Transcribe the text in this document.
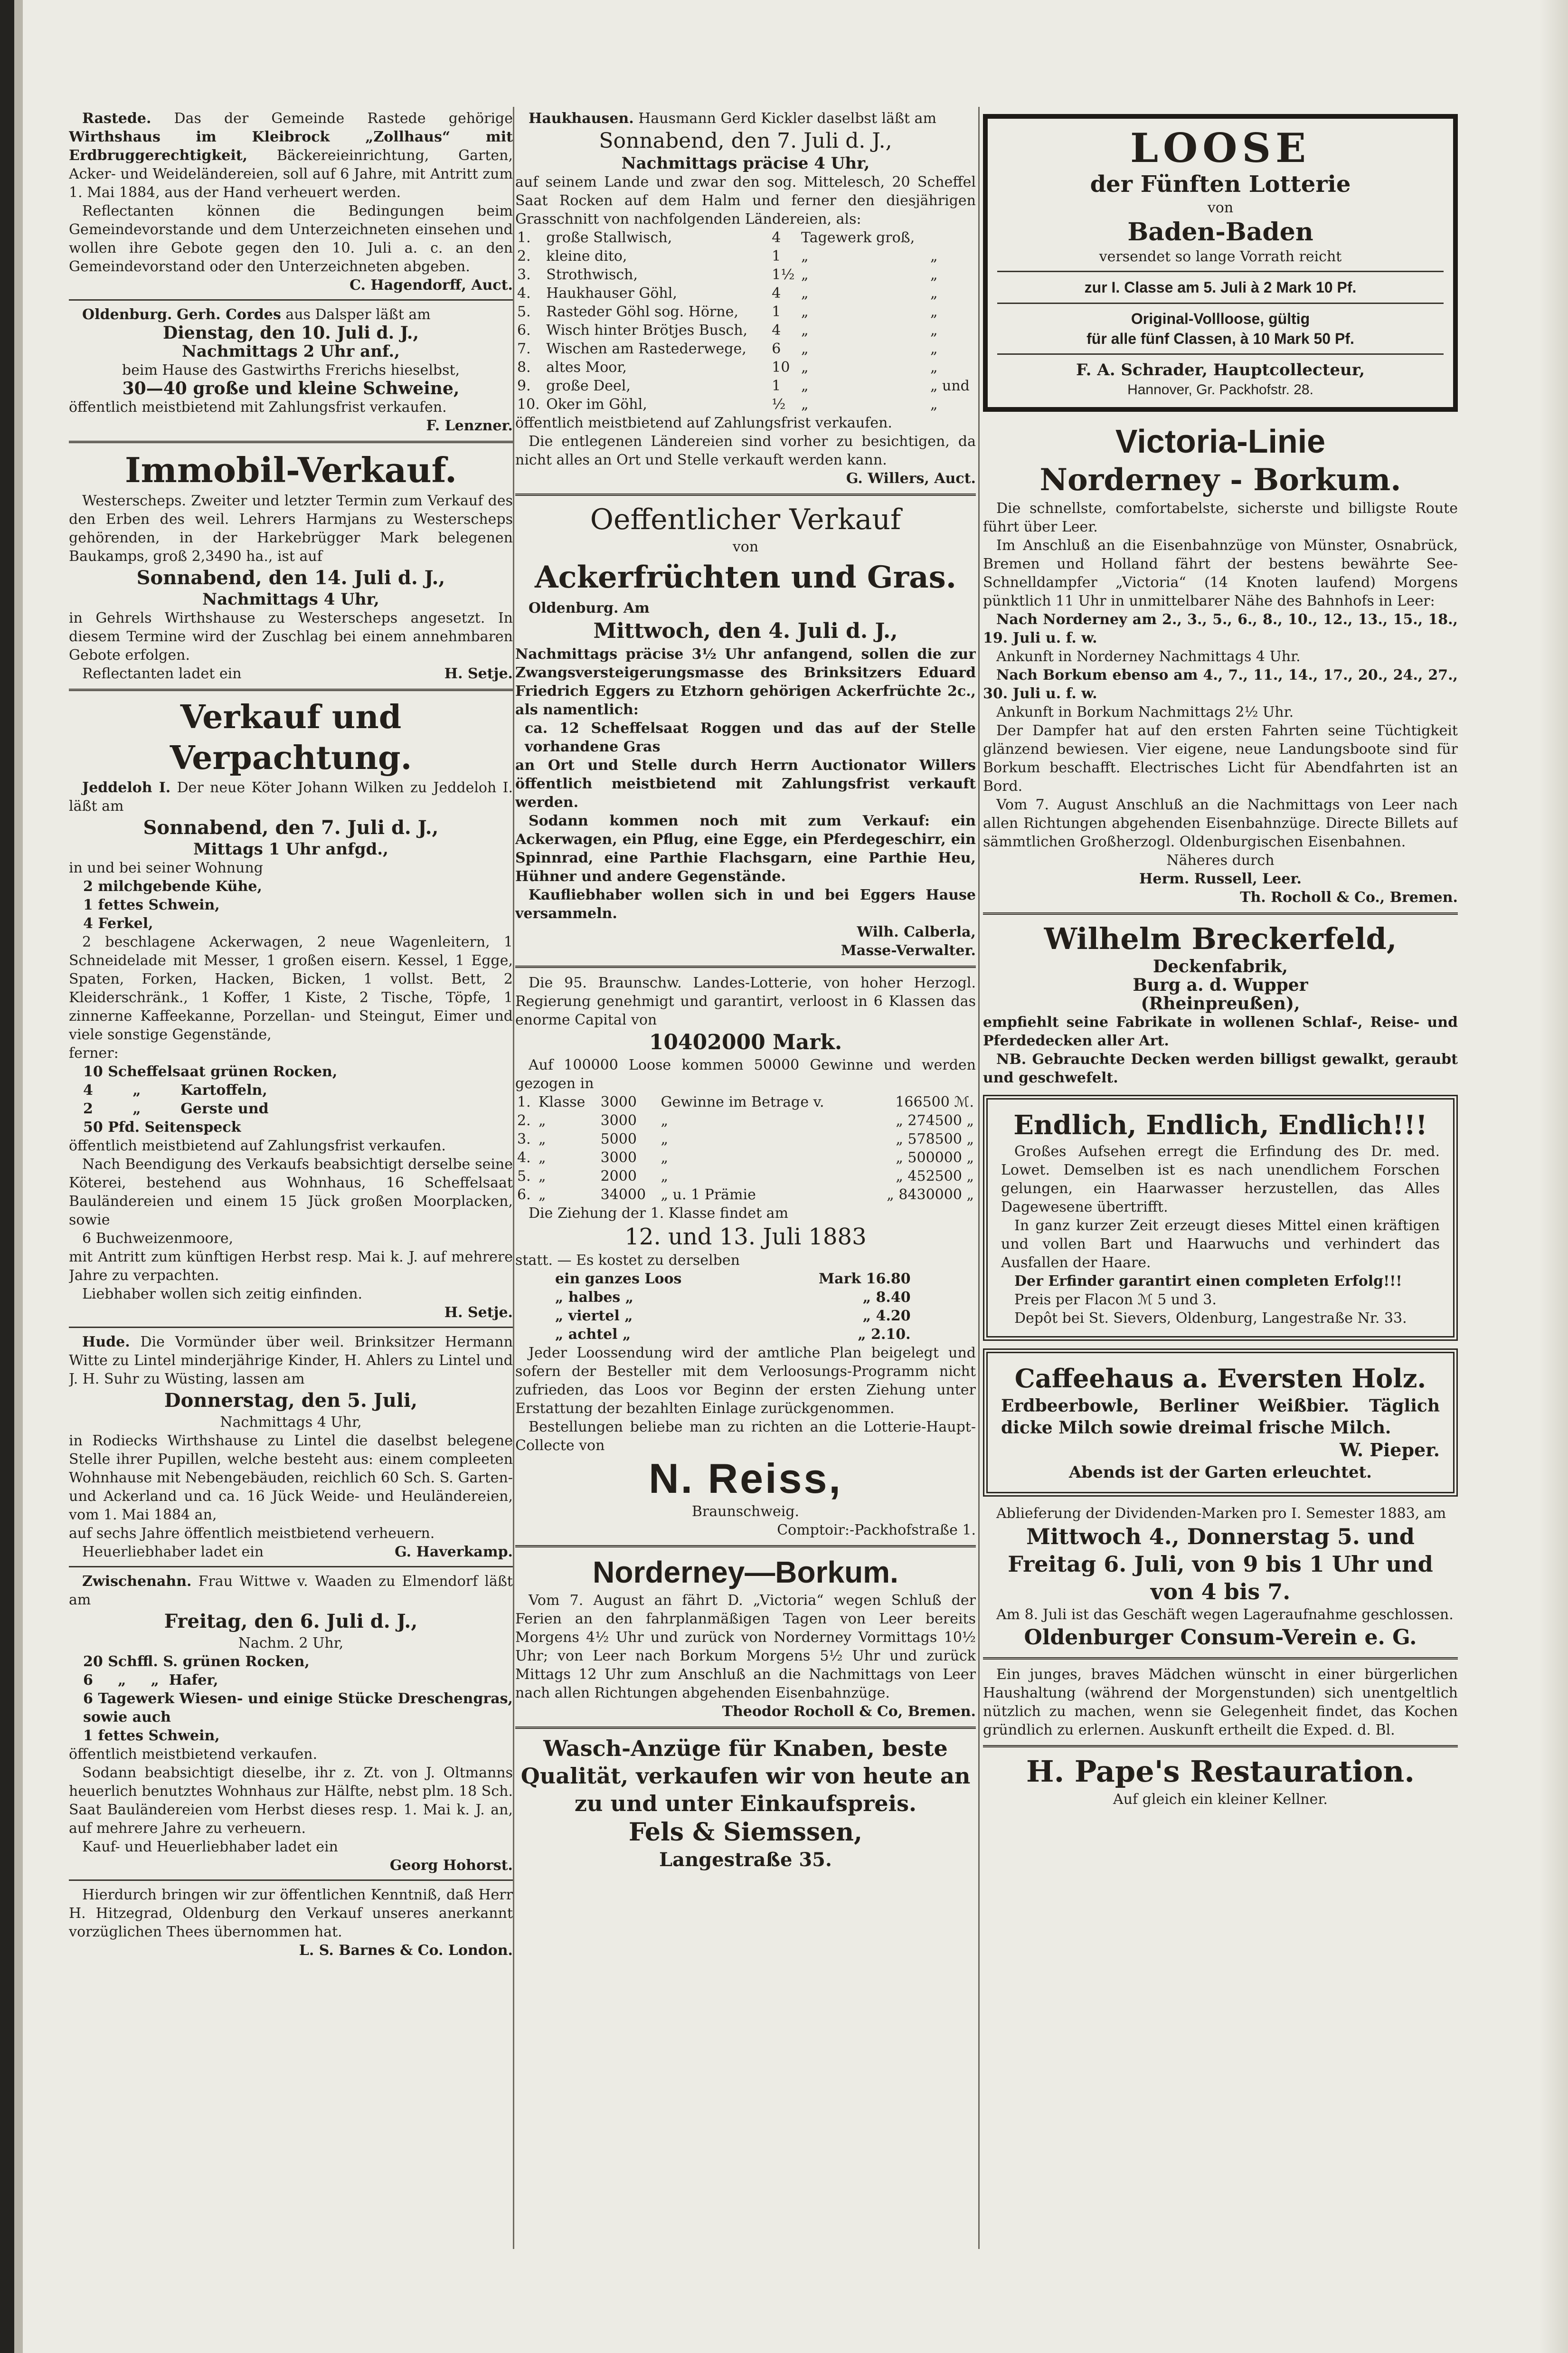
Rastede. Das der Gemeinde Rastede gehörige Wirthshaus im Kleibrock „Zollhaus“ mit Erdbruggerechtigkeit, Bäckereieinrichtung, Garten, Acker- und Weideländereien, soll auf 6 Jahre, mit Antritt zum 1. Mai 1884, aus der Hand verheuert werden.

Reflectanten können die Bedingungen beim Gemeindevorstande und dem Unterzeichneten einsehen und wollen ihre Gebote gegen den 10. Juli a. c. an den Gemeindevorstand oder den Unterzeichneten abgeben.

C. Hagendorff, Auct.

Oldenburg. Gerh. Cordes aus Dalsper läßt am

Dienstag, den 10. Juli d. J.,

Nachmittags 2 Uhr anf.,

beim Hause des Gastwirths Frerichs hieselbst,

30—40 große und kleine Schweine,

öffentlich meistbietend mit Zahlungsfrist verkaufen.

F. Lenzner.

Immobil-Verkauf.

Westerscheps. Zweiter und letzter Termin zum Verkauf des den Erben des weil. Lehrers Harmjans zu Westerscheps gehörenden, in der Harkebrügger Mark belegenen Baukamps, groß 2,3490 ha., ist auf

Sonnabend, den 14. Juli d. J.,

Nachmittags 4 Uhr,

in Gehrels Wirthshause zu Westerscheps angesetzt. In diesem Termine wird der Zuschlag bei einem annehmbaren Gebote erfolgen.

Reflectanten ladet ein	H. Setje.

Verkauf und Verpachtung.

Jeddeloh I. Der neue Köter Johann Wilken zu Jeddeloh I. läßt am

Sonnabend, den 7. Juli d. J.,

Mittags 1 Uhr anfgd.,

in und bei seiner Wohnung

2 milchgebende Kühe,

1 fettes Schwein,

4 Ferkel,

2 beschlagene Ackerwagen, 2 neue Wagenleitern, 1 Schneidelade mit Messer, 1 großen eisern. Kessel, 1 Egge, Spaten, Forken, Hacken, Bicken, 1 vollst. Bett, 2 Kleiderschränk., 1 Koffer, 1 Kiste, 2 Tische, Töpfe, 1 zinnerne Kaffeekanne, Porzellan- und Steingut, Eimer und viele sonstige Gegenstände,

ferner:

10 Scheffelsaat grünen Rocken,

4        „        Kartoffeln,

2        „        Gerste und

50 Pfd. Seitenspeck

öffentlich meistbietend auf Zahlungsfrist verkaufen.

Nach Beendigung des Verkaufs beabsichtigt derselbe seine Köterei, bestehend aus Wohnhaus, 16 Scheffelsaat Bauländereien und einem 15 Jück großen Moorplacken, sowie

6 Buchweizenmoore,

mit Antritt zum künftigen Herbst resp. Mai k. J. auf mehrere Jahre zu verpachten.

Liebhaber wollen sich zeitig einfinden.

H. Setje.

Hude. Die Vormünder über weil. Brinksitzer Hermann Witte zu Lintel minderjährige Kinder, H. Ahlers zu Lintel und J. H. Suhr zu Wüsting, lassen am

Donnerstag, den 5. Juli,

Nachmittags 4 Uhr,

in Rodiecks Wirthshause zu Lintel die daselbst belegene Stelle ihrer Pupillen, welche besteht aus: einem compleeten Wohnhause mit Nebengebäuden, reichlich 60 Sch. S. Garten- und Ackerland und ca. 16 Jück Weide- und Heuländereien, vom 1. Mai 1884 an,

auf sechs Jahre öffentlich meistbietend verheuern.

Heuerliebhaber ladet ein	G. Haverkamp.

Zwischenahn. Frau Wittwe v. Waaden zu Elmendorf läßt am

Freitag, den 6. Juli d. J.,

Nachm. 2 Uhr,

20 Schffl. S. grünen Rocken,

6     „     „  Hafer,

6 Tagewerk Wiesen- und einige Stücke Dreschengras, sowie auch

1 fettes Schwein,

öffentlich meistbietend verkaufen.

Sodann beabsichtigt dieselbe, ihr z. Zt. von J. Oltmanns heuerlich benutztes Wohnhaus zur Hälfte, nebst plm. 18 Sch. Saat Bauländereien vom Herbst dieses resp. 1. Mai k. J. an, auf mehrere Jahre zu verheuern.

Kauf- und Heuerliebhaber ladet ein

Georg Hohorst.

Hierdurch bringen wir zur öffentlichen Kenntniß, daß Herr H. Hitzegrad, Oldenburg den Verkauf unseres anerkannt vorzüglichen Thees übernommen hat.

L. S. Barnes & Co. London.

Haukhausen. Hausmann Gerd Kickler daselbst läßt am

Sonnabend, den 7. Juli d. J.,

Nachmittags präcise 4 Uhr,

auf seinem Lande und zwar den sog. Mittelesch, 20 Scheffel Saat Rocken auf dem Halm und ferner den diesjährigen Grasschnitt von nachfolgenden Ländereien, als:

1.	große Stallwisch,	4	Tagewerk groß,	
2.	kleine dito,	1	„	„
3.	Strothwisch,	1½	„	„
4.	Haukhauser Göhl,	4	„	„
5.	Rasteder Göhl sog. Hörne,	1	„	„
6.	Wisch hinter Brötjes Busch,	4	„	„
7.	Wischen am Rastederwege,	6	„	„
8.	altes Moor,	10	„	„
9.	große Deel,	1	„	„ und
10.	Oker im Göhl,	½	„	„

öffentlich meistbietend auf Zahlungsfrist verkaufen.

Die entlegenen Ländereien sind vorher zu besichtigen, da nicht alles an Ort und Stelle verkauft werden kann.

G. Willers, Auct.

Oeffentlicher Verkauf

von

Ackerfrüchten und Gras.

Oldenburg. Am

Mittwoch, den 4. Juli d. J.,

Nachmittags präcise 3½ Uhr anfangend, sollen die zur Zwangsversteigerungsmasse des Brinksitzers Eduard Friedrich Eggers zu Etzhorn gehörigen Ackerfrüchte 2c., als namentlich:

ca. 12 Scheffelsaat Roggen und das auf der Stelle vorhandene Gras

an Ort und Stelle durch Herrn Auctionator Willers öffentlich meistbietend mit Zahlungsfrist verkauft werden.

Sodann kommen noch mit zum Verkauf: ein Ackerwagen, ein Pflug, eine Egge, ein Pferdegeschirr, ein Spinnrad, eine Parthie Flachsgarn, eine Parthie Heu, Hühner und andere Gegenstände.

Kaufliebhaber wollen sich in und bei Eggers Hause versammeln.

Wilh. Calberla,

Masse-Verwalter.

Die 95. Braunschw. Landes-Lotterie, von hoher Herzogl. Regierung genehmigt und garantirt, verloost in 6 Klassen das enorme Capital von

10402000 Mark.

Auf 100000 Loose kommen 50000 Gewinne und werden gezogen in

1.	Klasse	3000	Gewinne im Betrage v.	166500 ℳ.
2.	„	3000	„	„ 274500 „
3.	„	5000	„	„ 578500 „
4.	„	3000	„	„ 500000 „
5.	„	2000	„	„ 452500 „
6.	„	34000	„ u. 1 Prämie	„ 8430000 „

Die Ziehung der 1. Klasse findet am

12. und 13. Juli 1883

statt. — Es kostet zu derselben

ein ganzes Loos	Mark 16.80
„ halbes „	„ 8.40
„ viertel „	„ 4.20
„ achtel „	„ 2.10.

Jeder Loossendung wird der amtliche Plan beigelegt und sofern der Besteller mit dem Verloosungs-Programm nicht zufrieden, das Loos vor Beginn der ersten Ziehung unter Erstattung der bezahlten Einlage zurückgenommen.

Bestellungen beliebe man zu richten an die Lotterie-Haupt-Collecte von

N. Reiss,

Braunschweig.

Comptoir:-Packhofstraße 1.

Norderney—Borkum.

Vom 7. August an fährt D. „Victoria“ wegen Schluß der Ferien an den fahrplanmäßigen Tagen von Leer bereits Morgens 4½ Uhr und zurück von Norderney Vormittags 10½ Uhr; von Leer nach Borkum Morgens 5½ Uhr und zurück Mittags 12 Uhr zum Anschluß an die Nachmittags von Leer nach allen Richtungen abgehenden Eisenbahnzüge.

Theodor Rocholl & Co, Bremen.

Wasch-Anzüge für Knaben, beste Qualität, verkaufen wir von heute an zu und unter Einkaufspreis.

Fels & Siemssen,

Langestraße 35.

LOOSE

der Fünften Lotterie

von

Baden-Baden

versendet so lange Vorrath reicht

zur I. Classe am 5. Juli à 2 Mark 10 Pf.

Original-Vollloose, gültig

für alle fünf Classen, à 10 Mark 50 Pf.

F. A. Schrader, Hauptcollecteur,

Hannover, Gr. Packhofstr. 28.

Victoria-Linie

Norderney - Borkum.

Die schnellste, comfortabelste, sicherste und billigste Route führt über Leer.

Im Anschluß an die Eisenbahnzüge von Münster, Osnabrück, Bremen und Holland fährt der bestens bewährte See-Schnelldampfer „Victoria“ (14 Knoten laufend) Morgens pünktlich 11 Uhr in unmittelbarer Nähe des Bahnhofs in Leer:

Nach Norderney am 2., 3., 5., 6., 8., 10., 12., 13., 15., 18., 19. Juli u. f. w.

Ankunft in Norderney Nachmittags 4 Uhr.

Nach Borkum ebenso am 4., 7., 11., 14., 17., 20., 24., 27., 30. Juli u. f. w.

Ankunft in Borkum Nachmittags 2½ Uhr.

Der Dampfer hat auf den ersten Fahrten seine Tüchtigkeit glänzend bewiesen. Vier eigene, neue Landungsboote sind für Borkum beschafft. Electrisches Licht für Abendfahrten ist an Bord.

Vom 7. August Anschluß an die Nachmittags von Leer nach allen Richtungen abgehenden Eisenbahnzüge. Directe Billets auf sämmtlichen Großherzogl. Oldenburgischen Eisenbahnen.

Näheres durch

Herm. Russell, Leer.

Th. Rocholl & Co., Bremen.

Wilhelm Breckerfeld,

Deckenfabrik,

Burg a. d. Wupper

(Rheinpreußen),

empfiehlt seine Fabrikate in wollenen Schlaf-, Reise- und Pferdedecken aller Art.

NB. Gebrauchte Decken werden billigst gewalkt, geraubt und geschwefelt.

Endlich, Endlich, Endlich!!!

Großes Aufsehen erregt die Erfindung des Dr. med. Lowet. Demselben ist es nach unendlichem Forschen gelungen, ein Haarwasser herzustellen, das Alles Dagewesene übertrifft.

In ganz kurzer Zeit erzeugt dieses Mittel einen kräftigen und vollen Bart und Haarwuchs und verhindert das Ausfallen der Haare.

Der Erfinder garantirt einen completen Erfolg!!!

Preis per Flacon ℳ 5 und 3.

Depôt bei St. Sievers, Oldenburg, Langestraße Nr. 33.

Caffeehaus a. Eversten Holz.

Erdbeerbowle, Berliner Weißbier. Täglich dicke Milch sowie dreimal frische Milch.

W. Pieper.

Abends ist der Garten erleuchtet.

Ablieferung der Dividenden-Marken pro I. Semester 1883, am

Mittwoch 4., Donnerstag 5. und Freitag 6. Juli, von 9 bis 1 Uhr und von 4 bis 7.

Am 8. Juli ist das Geschäft wegen Lageraufnahme geschlossen.

Oldenburger Consum-Verein e. G.

Ein junges, braves Mädchen wünscht in einer bürgerlichen Haushaltung (während der Morgenstunden) sich unentgeltlich nützlich zu machen, wenn sie Gelegenheit findet, das Kochen gründlich zu erlernen. Auskunft ertheilt die Exped. d. Bl.

H. Pape's Restauration.

Auf gleich ein kleiner Kellner.
